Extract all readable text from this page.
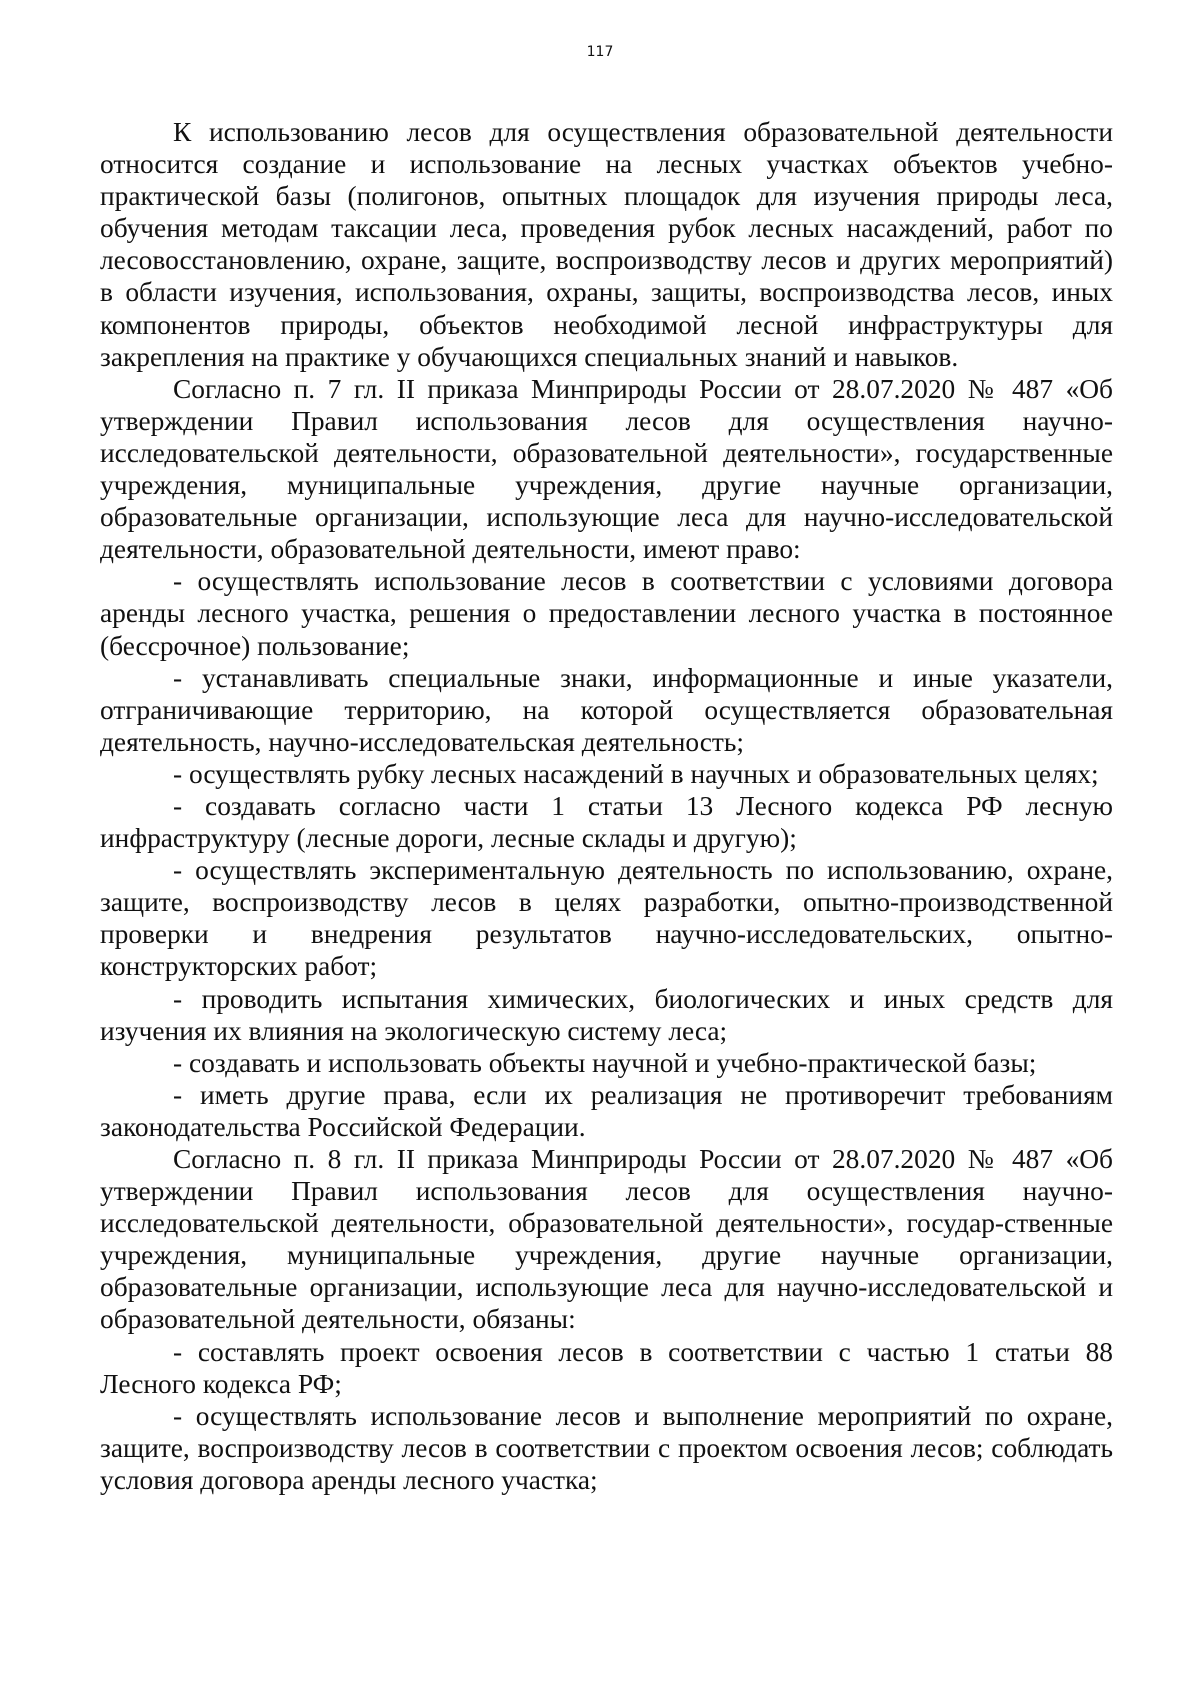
117

К использованию лесов для осуществления образовательной деятельности относится создание и использование на лесных участках объектов учебно-практической базы (полигонов, опытных площадок для изучения природы леса, обучения методам таксации леса, проведения рубок лесных насаждений, работ по лесовосстановлению, охране, защите, воспроизводству лесов и других мероприятий) в области изучения, использования, охраны, защиты, воспроизводства лесов, иных компонентов природы, объектов необходимой лесной инфраструктуры для закрепления на практике у обучающихся специальных знаний и навыков.

Согласно п. 7 гл. II приказа Минприроды России от 28.07.2020 № 487 «Об утверждении Правил использования лесов для осуществления научно-исследовательской деятельности, образовательной деятельности», государственные учреждения, муниципальные учреждения, другие научные организации, образовательные организации, использующие леса для научно-исследовательской деятельности, образовательной деятельности, имеют право:

- осуществлять использование лесов в соответствии с условиями договора аренды лесного участка, решения о предоставлении лесного участка в постоянное (бессрочное) пользование;

- устанавливать специальные знаки, информационные и иные указатели, отграничивающие территорию, на которой осуществляется образовательная деятельность, научно-исследовательская деятельность;

- осуществлять рубку лесных насаждений в научных и образовательных целях;

- создавать согласно части 1 статьи 13 Лесного кодекса РФ лесную инфраструктуру (лесные дороги, лесные склады и другую);

- осуществлять экспериментальную деятельность по использованию, охране, защите, воспроизводству лесов в целях разработки, опытно-производственной проверки и внедрения результатов научно-исследовательских, опытно-конструкторских работ;

- проводить испытания химических, биологических и иных средств для изучения их влияния на экологическую систему леса;

- создавать и использовать объекты научной и учебно-практической базы;

- иметь другие права, если их реализация не противоречит требованиям законодательства Российской Федерации.

Согласно п. 8 гл. II приказа Минприроды России от 28.07.2020 № 487 «Об утверждении Правил использования лесов для осуществления научно-исследовательской деятельности, образовательной деятельности», государ-ственные учреждения, муниципальные учреждения, другие научные организации, образовательные организации, использующие леса для научно-исследовательской и образовательной деятельности, обязаны:

- составлять проект освоения лесов в соответствии с частью 1 статьи 88 Лесного кодекса РФ;

- осуществлять использование лесов и выполнение мероприятий по охране, защите, воспроизводству лесов в соответствии с проектом освоения лесов; соблюдать условия договора аренды лесного участка;
